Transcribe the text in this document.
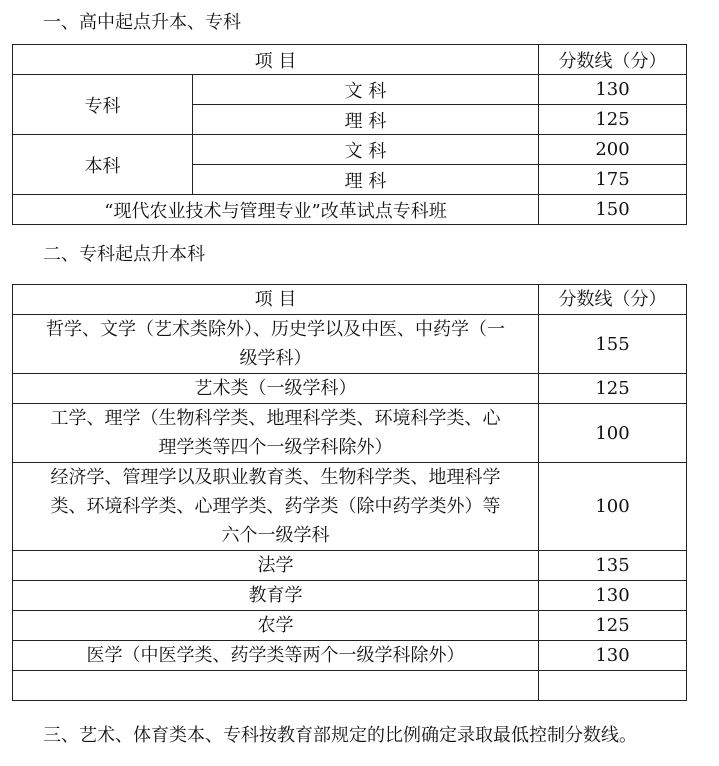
一、高中起点升本、专科
项 目		分数线（分）
专科	文 科	130
	理 科	125
本科	文 科	200
	理 科	175
“现代农业技术与管理专业”改革试点专科班		150
二、专科起点升本科
项 目	分数线（分）

哲学、文学（艺术类除外）、历史学以及中医、中药学（一
级学科）	155

艺术类（一级学科）	125

工学、理学（生物科学类、地理科学类、环境科学类、心
理学类等四个一级学科除外）	100

经济学、管理学以及职业教育类、生物科学类、地理科学
类、环境科学类、心理学类、药学类（除中药学类外）等
六个一级学科	100

法学	135

教育学	130

农学	125

医学（中医学类、药学类等两个一级学科除外）	130

三、艺术、体育类本、专科按教育部规定的比例确定录取最低控制分数线。
